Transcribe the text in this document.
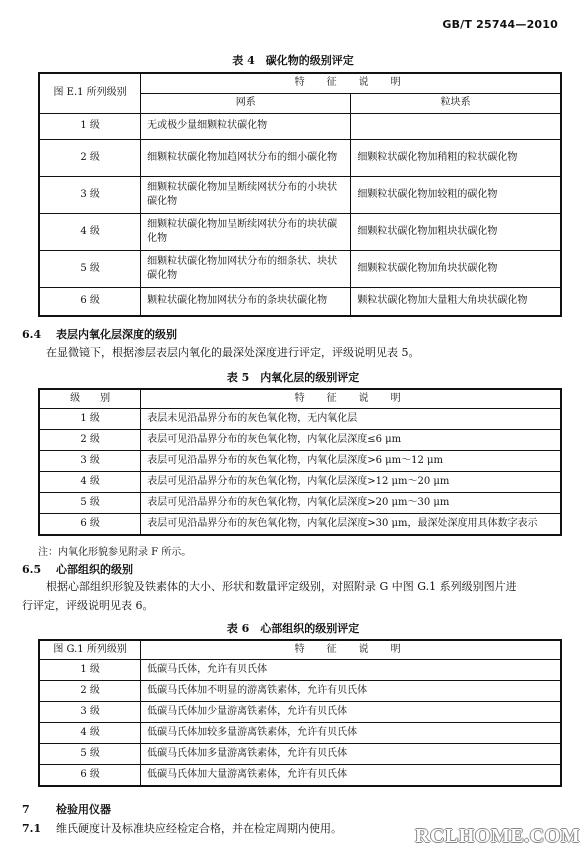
GB/T 25744—2010
表 4　碳化物的级别评定
图 E.1 所列级别	特　征　说　明	
	网系	粒块系
1 级	无或极少量细颗粒状碳化物	
2 级	细颗粒状碳化物加趋网状分布的细小碳化物	细颗粒状碳化物加稍粗的粒状碳化物
3 级	细颗粒状碳化物加呈断续网状分布的小块状碳化物	细颗粒状碳化物加较粗的碳化物
4 级	细颗粒状碳化物加呈断续网状分布的块状碳化物	细颗粒状碳化物加粗块状碳化物
5 级	细颗粒状碳化物加网状分布的细条状、块状碳化物	细颗粒状碳化物加角块状碳化物
6 级	颗粒状碳化物加网状分布的条块状碳化物	颗粒状碳化物加大量粗大角块状碳化物
6.4 表层内氧化层深度的级别
在显微镜下，根据渗层表层内氧化的最深处深度进行评定，评级说明见表 5。
表 5　内氧化层的级别评定
级　　别	特　征　说　明
1 级	表层未见沿晶界分布的灰色氧化物，无内氧化层
2 级	表层可见沿晶界分布的灰色氧化物，内氧化层深度≤6 μm
3 级	表层可见沿晶界分布的灰色氧化物，内氧化层深度>6 μm～12 μm
4 级	表层可见沿晶界分布的灰色氧化物，内氧化层深度>12 μm～20 μm
5 级	表层可见沿晶界分布的灰色氧化物，内氧化层深度>20 μm～30 μm
6 级	表层可见沿晶界分布的灰色氧化物，内氧化层深度>30 μm，最深处深度用具体数字表示
注：内氧化形貌参见附录 F 所示。
6.5 心部组织的级别
根据心部组织形貌及铁素体的大小、形状和数量评定级别，对照附录 G 中图 G.1 系列级别图片进
行评定，评级说明见表 6。
表 6　心部组织的级别评定
图 G.1 所列级别	特　征　说　明
1 级	低碳马氏体，允许有贝氏体
2 级	低碳马氏体加不明显的游离铁素体，允许有贝氏体
3 级	低碳马氏体加少量游离铁素体，允许有贝氏体
4 级	低碳马氏体加较多量游离铁素体，允许有贝氏体
5 级	低碳马氏体加多量游离铁素体，允许有贝氏体
6 级	低碳马氏体加大量游离铁素体，允许有贝氏体
7 检验用仪器
7.1 维氏硬度计及标准块应经检定合格，并在检定周期内使用。	RCLHOME.COM
